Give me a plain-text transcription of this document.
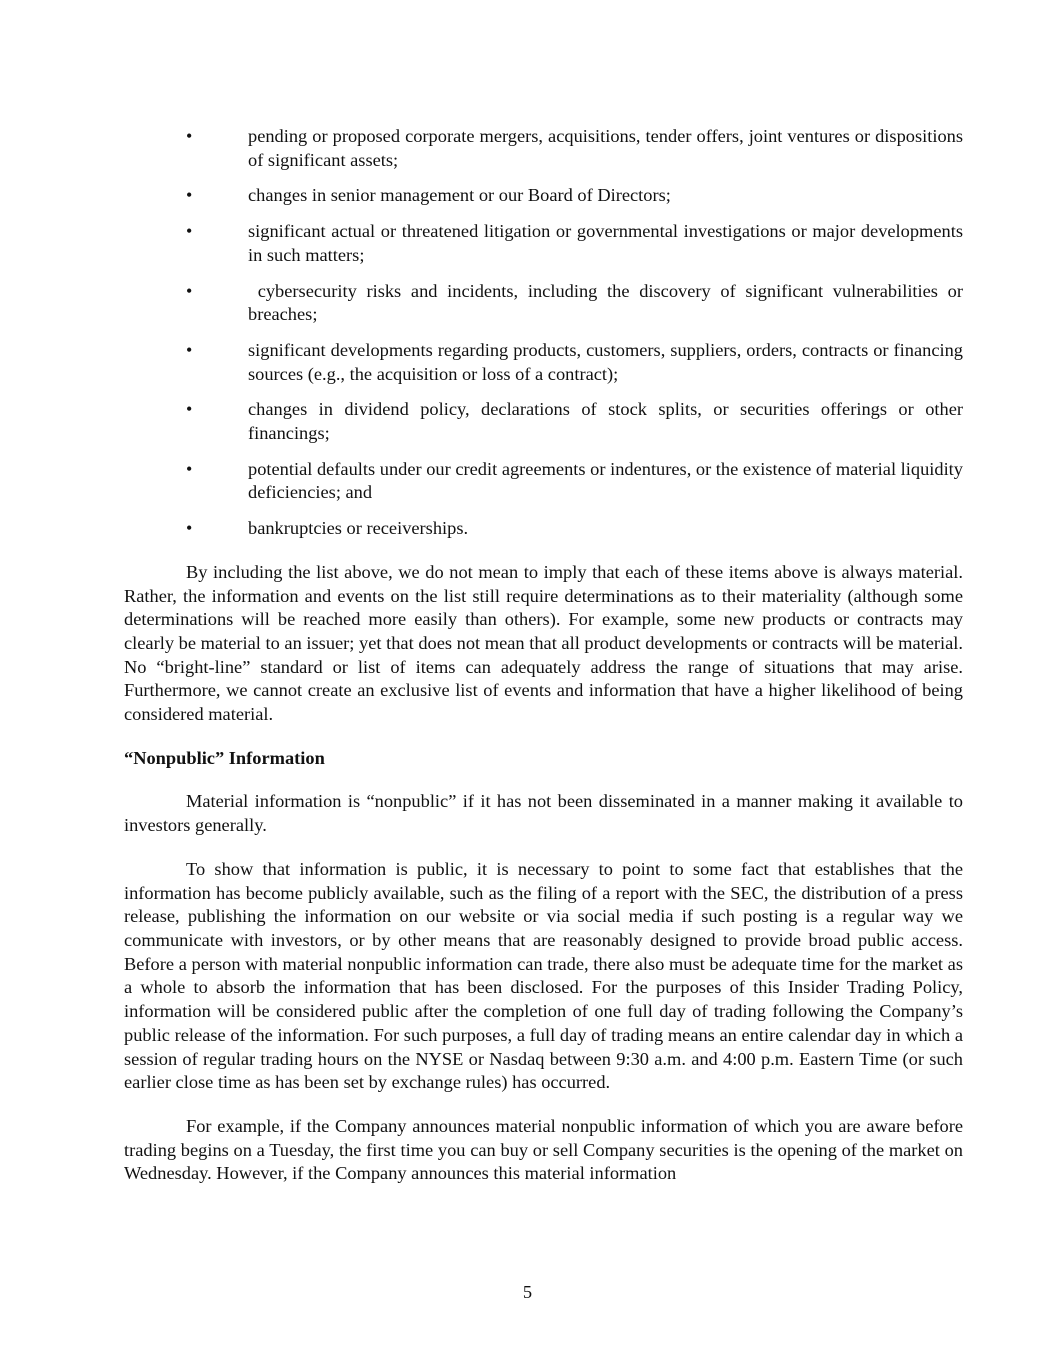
•	pending or proposed corporate mergers, acquisitions, tender offers, joint ventures or dispositions of significant assets;
•	changes in senior management or our Board of Directors;
•	significant actual or threatened litigation or governmental investigations or major developments in such matters;
•	cybersecurity risks and incidents, including the discovery of significant vulnerabilities or breaches;
•	significant developments regarding products, customers, suppliers, orders, contracts or financing sources (e.g., the acquisition or loss of a contract);
•	changes in dividend policy, declarations of stock splits, or securities offerings or other financings;
•	potential defaults under our credit agreements or indentures, or the existence of material liquidity deficiencies; and
•	bankruptcies or receiverships.

By including the list above, we do not mean to imply that each of these items above is always material. Rather, the information and events on the list still require determinations as to their materiality (although some determinations will be reached more easily than others). For example, some new products or contracts may clearly be material to an issuer; yet that does not mean that all product developments or contracts will be material. No “bright-line” standard or list of items can adequately address the range of situations that may arise. Furthermore, we cannot create an exclusive list of events and information that have a higher likelihood of being considered material.

“Nonpublic” Information

Material information is “nonpublic” if it has not been disseminated in a manner making it available to investors generally.

To show that information is public, it is necessary to point to some fact that establishes that the information has become publicly available, such as the filing of a report with the SEC, the distribution of a press release, publishing the information on our website or via social media if such posting is a regular way we communicate with investors, or by other means that are reasonably designed to provide broad public access. Before a person with material nonpublic information can trade, there also must be adequate time for the market as a whole to absorb the information that has been disclosed. For the purposes of this Insider Trading Policy, information will be considered public after the completion of one full day of trading following the Company’s public release of the information. For such purposes, a full day of trading means an entire calendar day in which a session of regular trading hours on the NYSE or Nasdaq between 9:30 a.m. and 4:00 p.m. Eastern Time (or such earlier close time as has been set by exchange rules) has occurred.

For example, if the Company announces material nonpublic information of which you are aware before trading begins on a Tuesday, the first time you can buy or sell Company securities is the opening of the market on Wednesday. However, if the Company announces this material information

5
